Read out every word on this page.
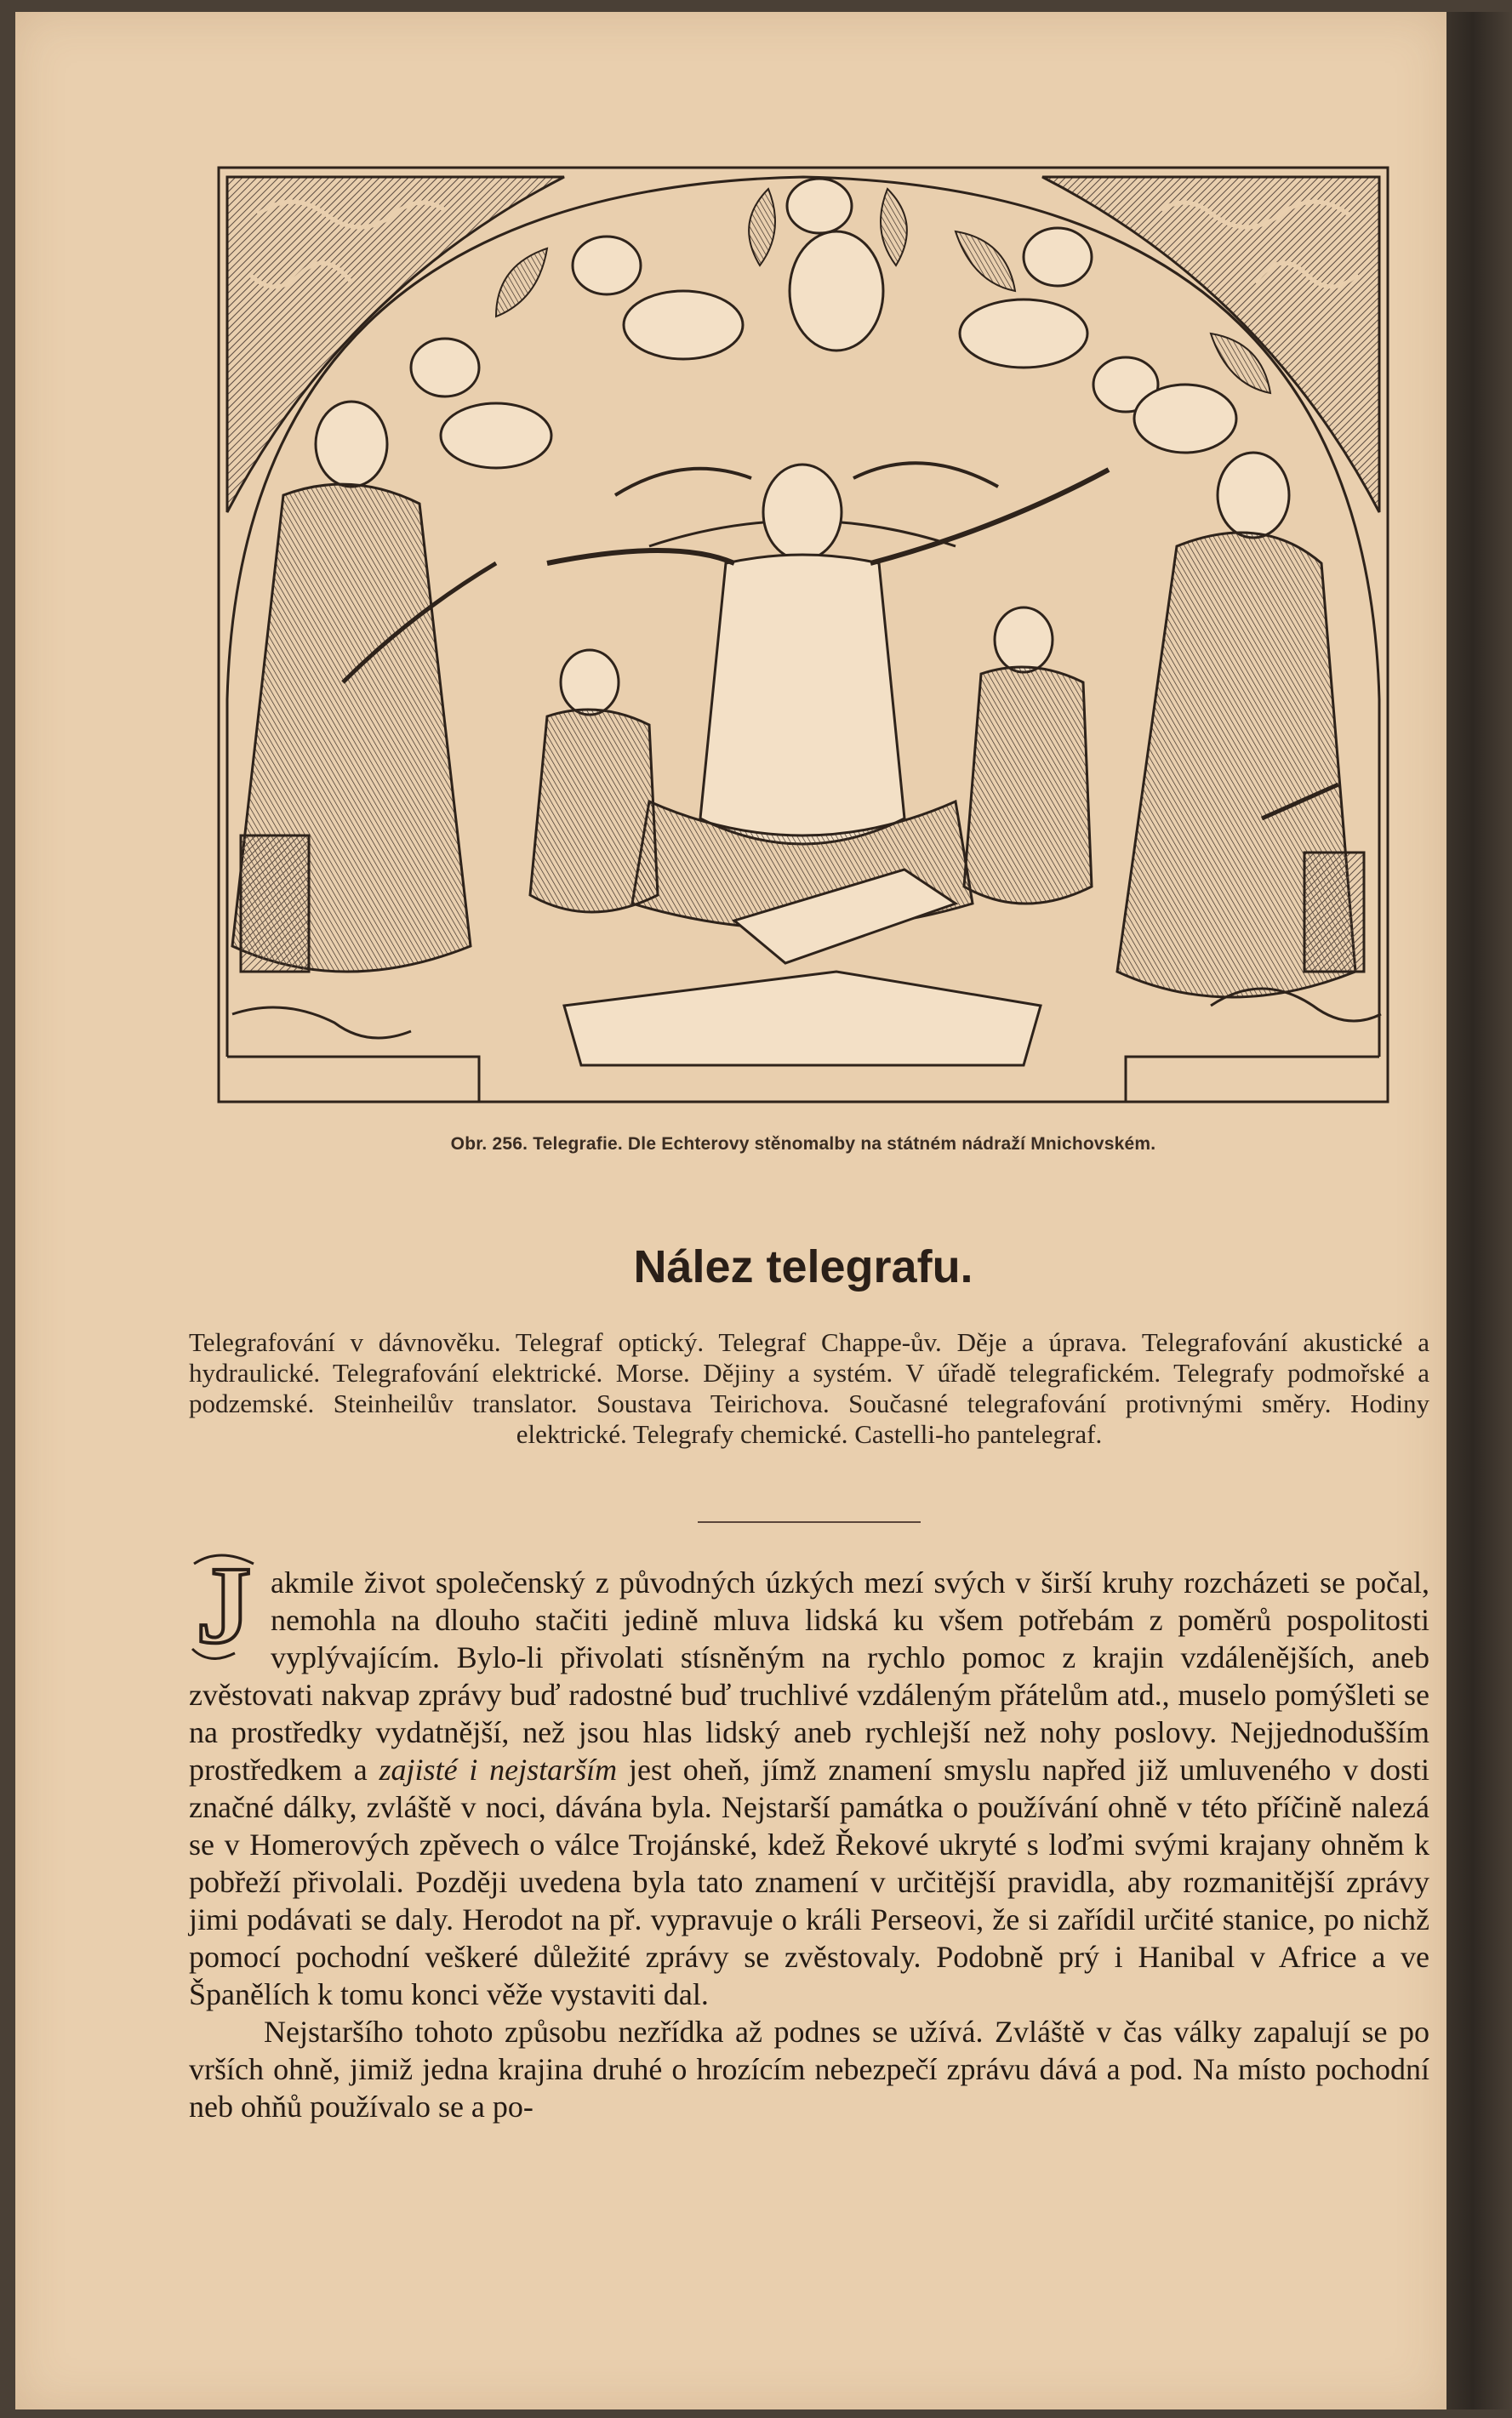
Obr. 256. Telegrafie. Dle Echterovy stěnomalby na státném nádraží Mnichovském.
Nález telegrafu.
Telegrafování v dávnověku. Telegraf optický. Telegraf Chappe-ův. Děje a úprava. Telegrafování akustické a hydraulické. Telegrafování elektrické. Morse. Dějiny a systém. V úřadě telegrafickém. Telegrafy podmořské a podzemské. Steinheilův translator. Soustava Teirichova. Současné telegrafování protivnými směry. Hodiny elektrické. Telegrafy chemické. Castelli-ho pantelegraf.

J akmile život společenský z původných úzkých mezí svých v širší kruhy rozcházeti se počal, nemohla na dlouho stačiti jedině mluva lidská ku všem potřebám z poměrů pospolitosti vyplývajícím. Bylo-li přivolati stísněným na rychlo pomoc z krajin vzdálenějších, aneb zvěstovati nakvap zprávy buď radostné buď truchlivé vzdáleným přátelům atd., muselo pomýšleti se na prostředky vydatnější, než jsou hlas lidský aneb rychlejší než nohy poslovy. Nejjednodušším prostředkem a zajisté i nejstarším jest oheň, jímž znamení smyslu napřed již umluveného v dosti značné dálky, zvláště v noci, dávána byla. Nejstarší památka o používání ohně v této příčině nalezá se v Homerových zpěvech o válce Trojánské, kdež Řekové ukryté s loďmi svými krajany ohněm k pobřeží přivolali. Později uvedena byla tato znamení v určitější pravidla, aby rozmanitější zprávy jimi podávati se daly. Herodot na př. vypravuje o králi Perseovi, že si zařídil určité stanice, po nichž pomocí pochodní veškeré důležité zprávy se zvěstovaly. Podobně prý i Hanibal v Africe a ve Španělích k tomu konci věže vystaviti dal.

Nejstaršího tohoto způsobu nezřídka až podnes se užívá. Zvláště v čas války zapalují se po vrších ohně, jimiž jedna krajina druhé o hrozícím nebezpečí zprávu dává a pod. Na místo pochodní neb ohňů používalo se a po-
